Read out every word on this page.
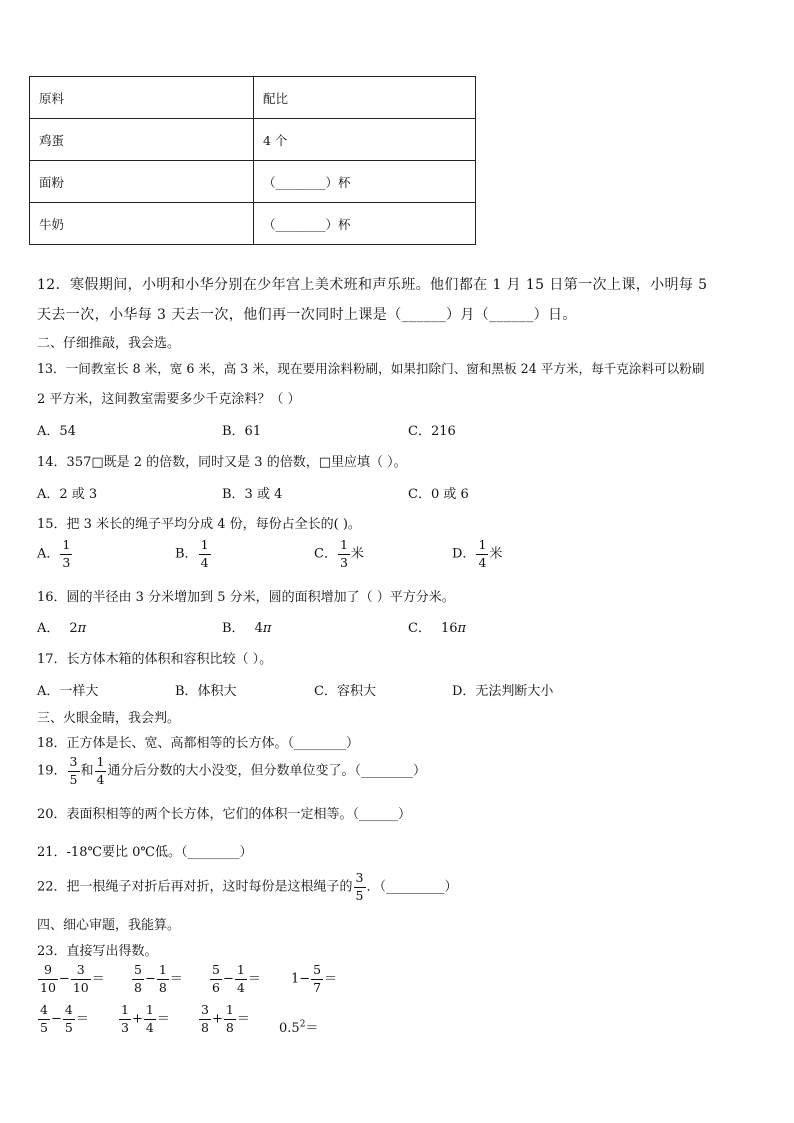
原料	配比
鸡蛋	4 个
面粉	（________）杯
牛奶	（________）杯
12．寒假期间，小明和小华分别在少年宫上美术班和声乐班。他们都在 1 月 15 日第一次上课，小明每 5
天去一次，小华每 3 天去一次，他们再一次同时上课是（______）月（______）日。
二、仔细推敲，我会选。
13．一间教室长 8 米，宽 6 米，高 3 米，现在要用涂料粉刷，如果扣除门、窗和黑板 24 平方米，每千克涂料可以粉刷
2 平方米，这间教室需要多少千克涂料？（ ）
A．54	B．61	C．216
14．357□既是 2 的倍数，同时又是 3 的倍数，□里应填（ ）。
A．2 或 3	B．3 或 4	C．0 或 6
15．把 3 米长的绳子平均分成 4 份，每份占全长的( )。
A． $\frac{1}{3}$	B． $\frac{1}{4}$	C． $\frac{1}{3}$ 米	D． $\frac{1}{4}$ 米
16．圆的半径由 3 分米增加到 5 分米，圆的面积增加了（ ）平方分米。
A． 2π	B． 4π	C． 16π
17．长方体木箱的体积和容积比较（ ）。
A．一样大	B．体积大	C．容积大	D．无法判断大小
三、火眼金睛，我会判。
18．正方体是长、宽、高都相等的长方体。（________）
19． $\frac{3}{5}$ 和 $\frac{1}{4}$ 通分后分数的大小没变，但分数单位变了。（________）
20．表面积相等的两个长方体，它们的体积一定相等。（______）
21．-18℃要比 0℃低。（________）
22．把一根绳子对折后再对折，这时每份是这根绳子的 $\frac{3}{5}$ ．（_________）
四、细心审题，我能算。
23．直接写出得数。
$\frac{9}{10} - \frac{3}{10} = \frac{5}{8} - \frac{1}{8} = \frac{5}{6} - \frac{1}{4} = 1- \frac{5}{7}$ ＝
$\frac{4}{5} - \frac{4}{5} = \frac{1}{3} + \frac{1}{4} = \frac{3}{8} + \frac{1}{8}$ ＝
$0.5^2=$
